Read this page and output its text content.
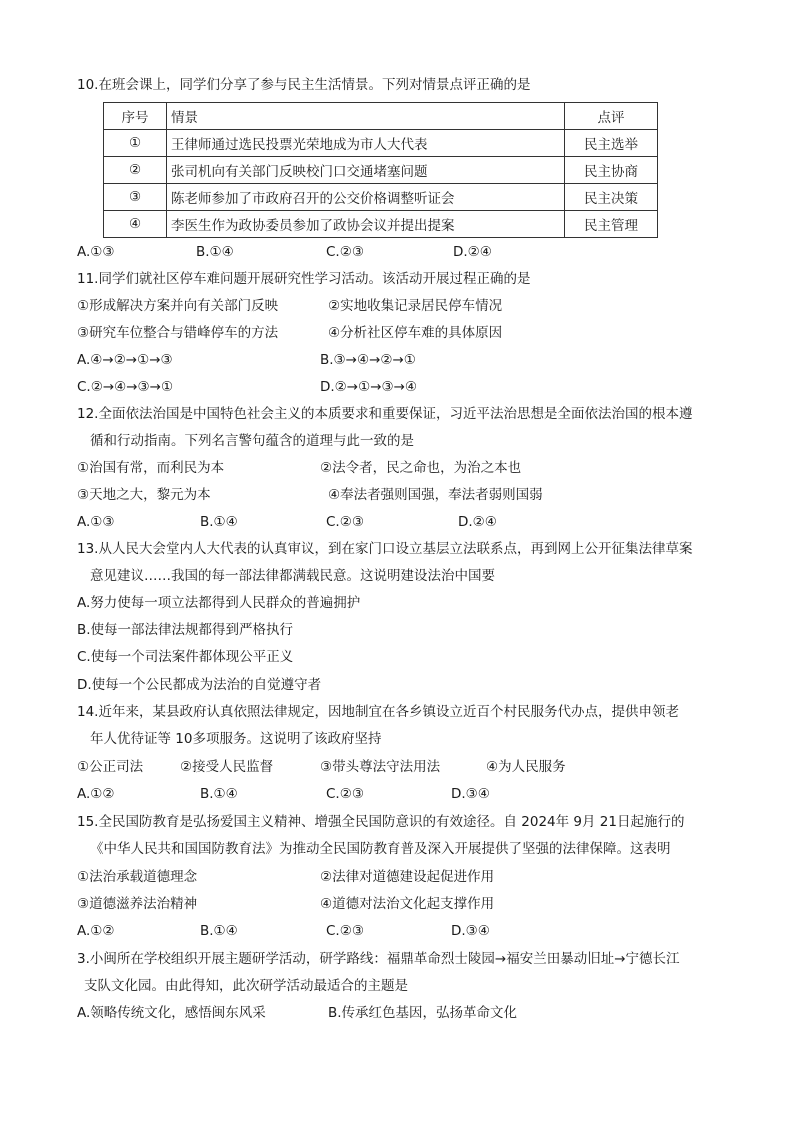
10.在班会课上，同学们分享了参与民主生活情景。下列对情景点评正确的是
序号	情景	点评
①	王律师通过选民投票光荣地成为市人大代表	民主选举
②	张司机向有关部门反映校门口交通堵塞问题	民主协商
③	陈老师参加了市政府召开的公交价格调整听证会	民主决策
④	李医生作为政协委员参加了政协会议并提出提案	民主管理
A.①③	B.①④	C.②③	D.②④
11.同学们就社区停车难问题开展研究性学习活动。该活动开展过程正确的是
①形成解决方案并向有关部门反映	②实地收集记录居民停车情况
③研究车位整合与错峰停车的方法	④分析社区停车难的具体原因
A.④→②→①→③	B.③→④→②→①
C.②→④→③→①	D.②→①→③→④
12.全面依法治国是中国特色社会主义的本质要求和重要保证，习近平法治思想是全面依法治国的根本遵
循和行动指南。下列名言警句蕴含的道理与此一致的是
①治国有常，而利民为本	②法令者，民之命也，为治之本也
③天地之大，黎元为本	④奉法者强则国强，奉法者弱则国弱
A.①③	B.①④	C.②③	D.②④
13.从人民大会堂内人大代表的认真审议，到在家门口设立基层立法联系点，再到网上公开征集法律草案
意见建议……我国的每一部法律都满载民意。这说明建设法治中国要
A.努力使每一项立法都得到人民群众的普遍拥护
B.使每一部法律法规都得到严格执行
C.使每一个司法案件都体现公平正义
D.使每一个公民都成为法治的自觉遵守者
14.近年来，某县政府认真依照法律规定，因地制宜在各乡镇设立近百个村民服务代办点，提供申领老
年人优待证等 10多项服务。这说明了该政府坚持
①公正司法	②接受人民监督	③带头尊法守法用法	④为人民服务
A.①②	B.①④	C.②③	D.③④
15.全民国防教育是弘扬爱国主义精神、增强全民国防意识的有效途径。自 2024年 9月 21日起施行的
《中华人民共和国国防教育法》为推动全民国防教育普及深入开展提供了坚强的法律保障。这表明
①法治承载道德理念	②法律对道德建设起促进作用
③道德滋养法治精神	④道德对法治文化起支撑作用
A.①②	B.①④	C.②③	D.③④
3.小闽所在学校组织开展主题研学活动，研学路线：福鼎革命烈士陵园→福安兰田暴动旧址→宁德长江
支队文化园。由此得知，此次研学活动最适合的主题是
A.领略传统文化，感悟闽东风采	B.传承红色基因，弘扬革命文化
